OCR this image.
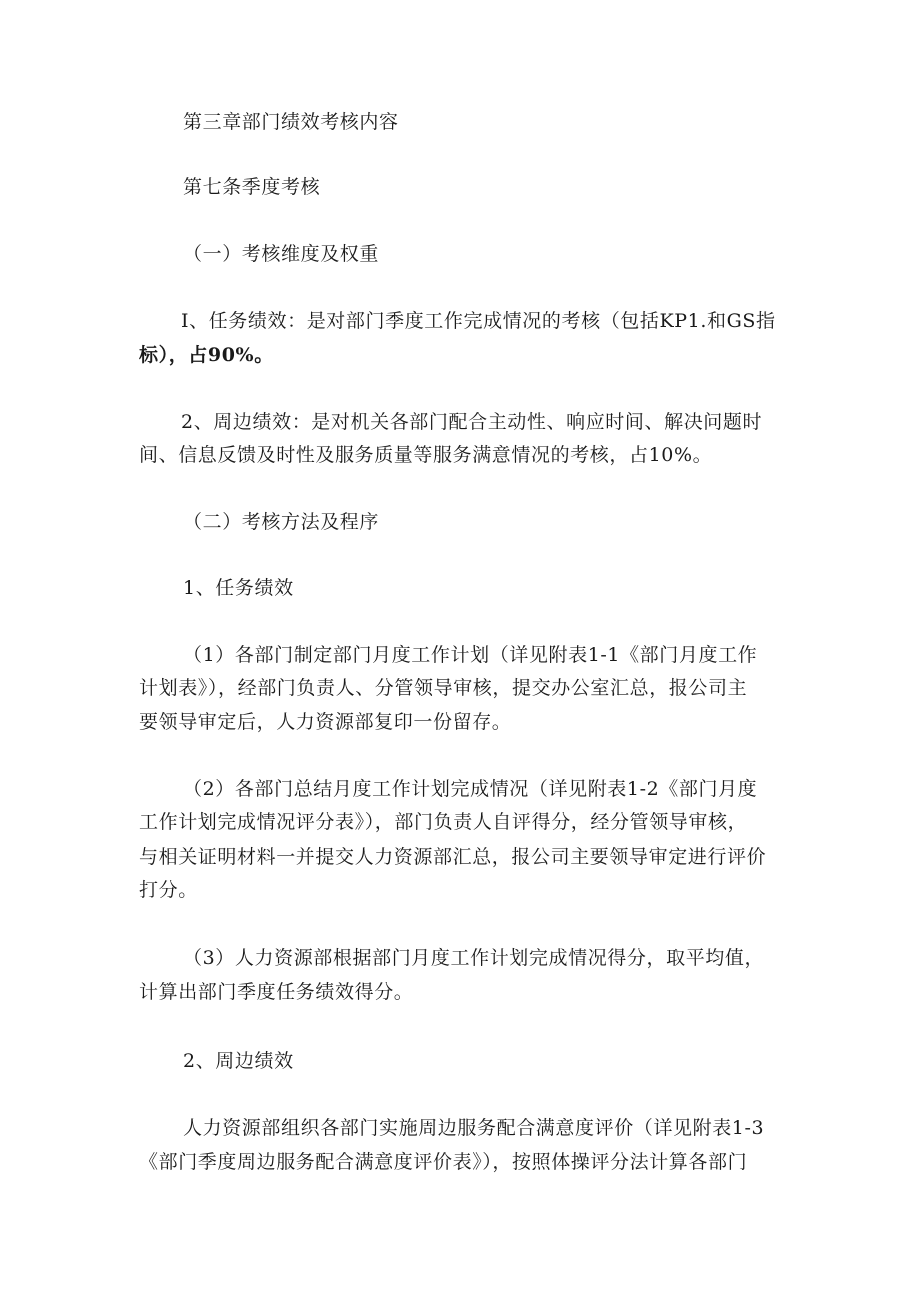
第三章部门绩效考核内容
第七条季度考核
（一）考核维度及权重
I、任务绩效：是对部门季度工作完成情况的考核（包括KP1.和GS指
标），占90%。
2、周边绩效：是对机关各部门配合主动性、响应时间、解决问题时
间、信息反馈及时性及服务质量等服务满意情况的考核，占10%。
（二）考核方法及程序
1、任务绩效
（1）各部门制定部门月度工作计划（详见附表1-1《部门月度工作
计划表》），经部门负责人、分管领导审核，提交办公室汇总，报公司主
要领导审定后，人力资源部复印一份留存。
（2）各部门总结月度工作计划完成情况（详见附表1-2《部门月度
工作计划完成情况评分表》），部门负责人自评得分，经分管领导审核，
与相关证明材料一并提交人力资源部汇总，报公司主要领导审定进行评价
打分。
（3）人力资源部根据部门月度工作计划完成情况得分，取平均值，
计算出部门季度任务绩效得分。
2、周边绩效
人力资源部组织各部门实施周边服务配合满意度评价（详见附表1-3
《部门季度周边服务配合满意度评价表》），按照体操评分法计算各部门
